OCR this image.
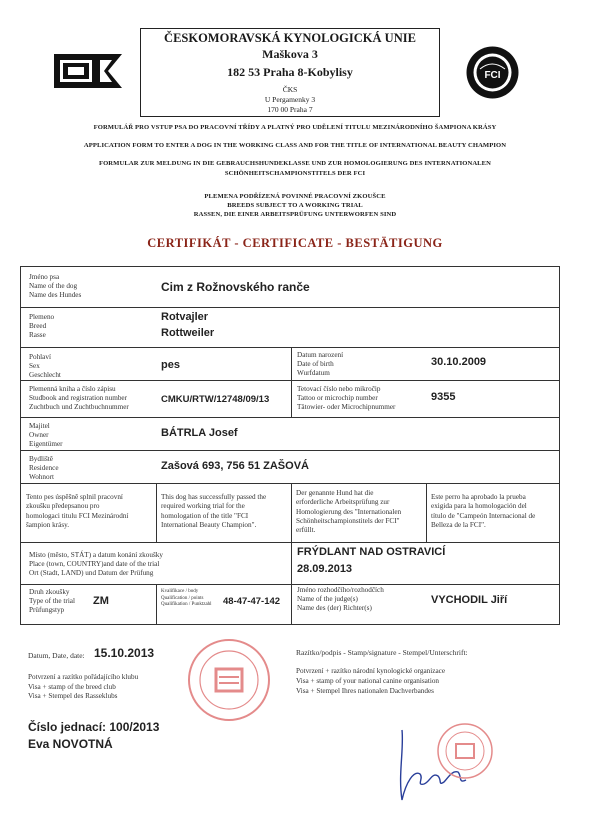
FCI
ČESKOMORAVSKÁ KYNOLOGICKÁ UNIE
Maškova 3
182 53 Praha 8-Kobylisy
ČKS
U Pergamenky 3
170 00 Praha 7
FORMULÁŘ PRO VSTUP PSA DO PRACOVNÍ TŘÍDY A PLATNÝ PRO UDĚLENÍ TITULU MEZINÁRODNÍHO ŠAMPIONA KRÁSY
APPLICATION FORM TO ENTER A DOG IN THE WORKING CLASS AND FOR THE TITLE OF INTERNATIONAL BEAUTY CHAMPION
FORMULAR ZUR MELDUNG IN DIE GEBRAUCHSHUNDEKLASSE UND ZUR HOMOLOGIERUNG DES INTERNATIONALEN
SCHÖNHEITSCHAMPIONSTITELS DER FCI
PLEMENA PODŘÍZENÁ POVINNÉ PRACOVNÍ ZKOUŠCE
BREEDS SUBJECT TO A WORKING TRIAL
RASSEN, DIE EINER ARBEITSPRÜFUNG UNTERWORFEN SIND
CERTIFIKÁT - CERTIFICATE - BESTÄTIGUNG
Jméno psa
Name of the dog
Name des Hundes
Cim z Rožnovského ranče
Plemeno
Breed
Rasse
Rotvajler
Rottweiler
Pohlaví
Sex
Geschlecht
pes
Datum narození
Date of birth
Wurfdatum
30.10.2009
Plemenná kniha a číslo zápisu
Studbook and registration number
Zuchtbuch und Zuchtbuchnummer
CMKU/RTW/12748/09/13
Tetovací číslo nebo mikročip
Tattoo or microchip number
Tätowier- oder Microchipnummer
9355
Majitel
Owner
Eigentümer
BÁTRLA Josef
Bydliště
Residence
Wohnort
Zašová 693, 756 51 ZAŠOVÁ
Tento pes úspěšně splnil pracovní
zkoušku předepsanou pro
homologaci titulu FCI Mezinárodní
šampion krásy.
This dog has successfully passed the
required working trial for the
homologation of the title "FCI
International Beauty Champion".
Der genannte Hund hat die
erforderliche Arbeitsprüfung zur
Homologierung des "Internationalen
Schönheitschampionstitels der FCI"
erfüllt.
Este perro ha aprobado la prueba
exigida para la homologación del
título de "Campeón Internacional de
Belleza de la FCI".
Místo (město, STÁT) a datum konání zkoušky
Place (town, COUNTRY)and date of the trial
Ort (Stadt, LAND) und Datum der Prüfung
FRÝDLANT NAD OSTRAVICÍ
28.09.2013
Druh zkoušky
Type of the trial
Prüfungstyp
ZM
Kvalifikace / body
Qualification / points
Qualifikation / Punktzahl 48-47-47-142
Jméno rozhodčího/rozhodčích
Name of the judge(s)
Name des (der) Richter(s)
VYCHODIL Jiří
Datum, Date, date: 15.10.2013
Potvrzení a razítko pořádajícího klubu
Visa + stamp of the breed club
Visa + Stempel des Rasseklubs
Číslo jednací: 100/2013
Eva NOVOTNÁ
Razítko/podpis - Stamp/signature - Stempel/Unterschrift:
Potvrzení + razítko národní kynologické organizace
Visa + stamp of your national canine organisation
Visa + Stempel Ihres nationalen Dachverbandes
